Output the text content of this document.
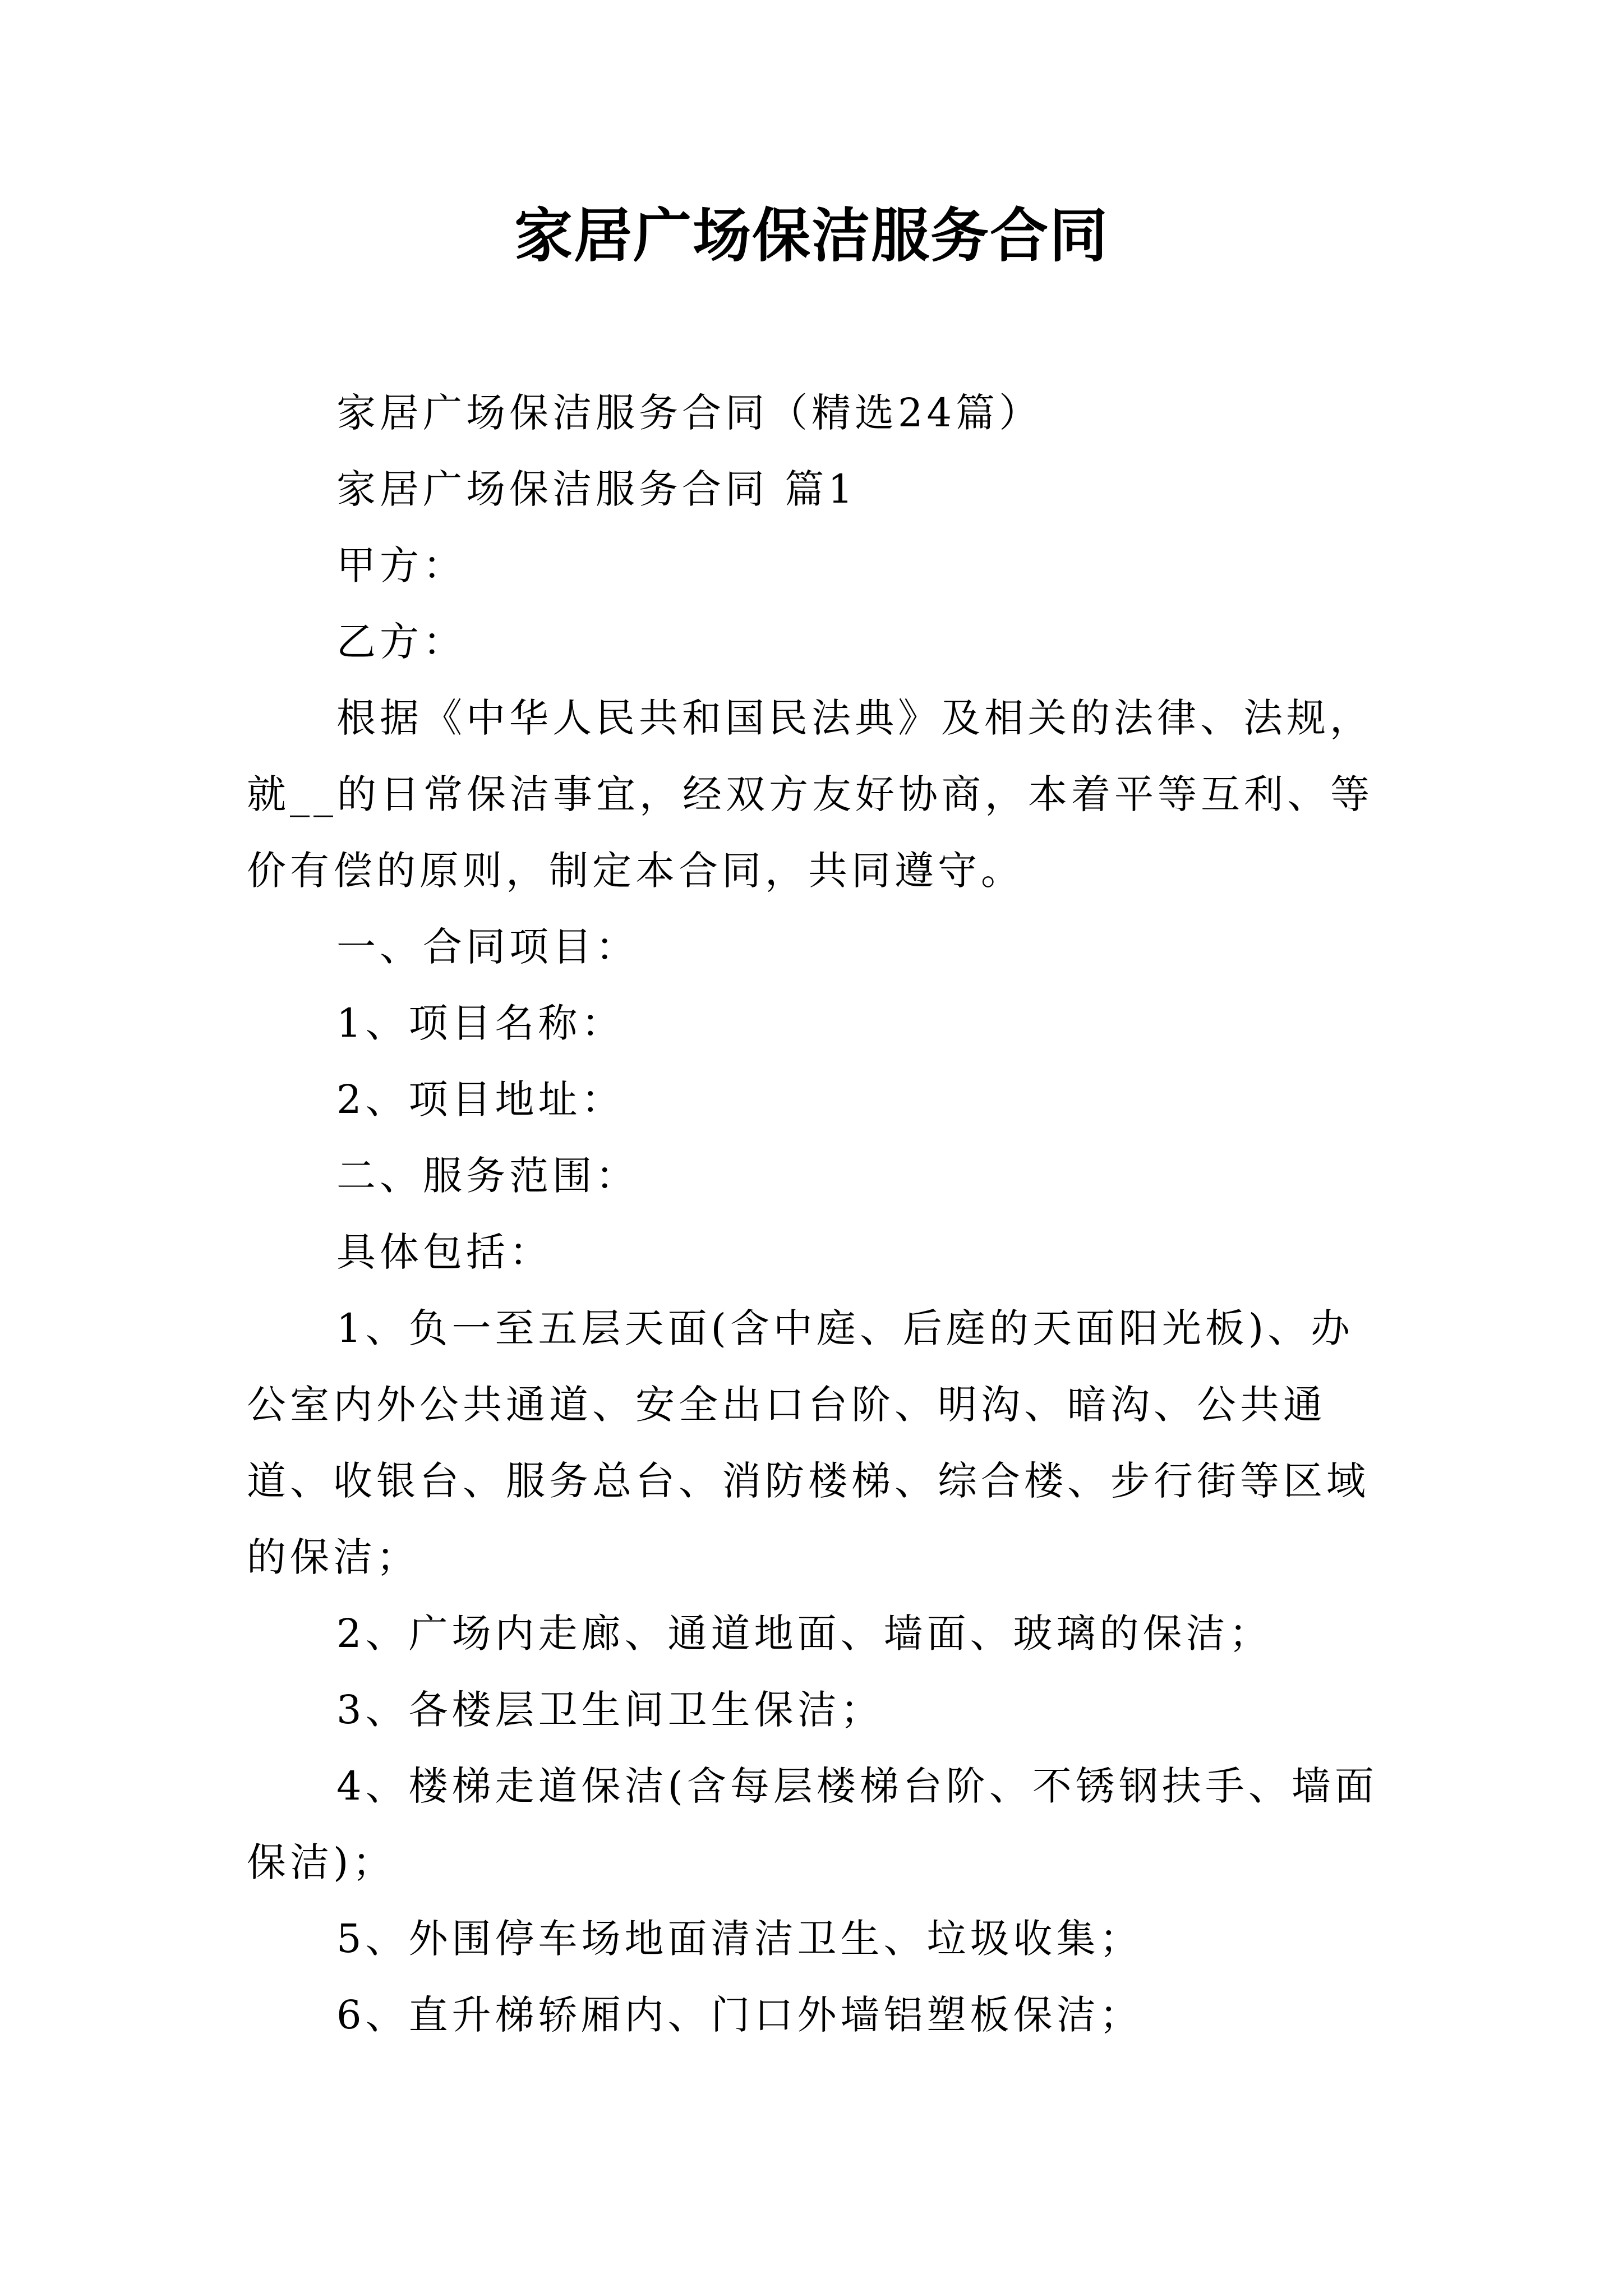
家居广场保洁服务合同

家居广场保洁服务合同（精选24篇）

家居广场保洁服务合同 篇1

甲方：

乙方：

根据《中华人民共和国民法典》及相关的法律、法规，就__的日常保洁事宜，经双方友好协商，本着平等互利、等价有偿的原则，制定本合同，共同遵守。

一、合同项目：

1、项目名称：

2、项目地址：

二、服务范围：

具体包括：

1、负一至五层天面(含中庭、后庭的天面阳光板)、办公室内外公共通道、安全出口台阶、明沟、暗沟、公共通道、收银台、服务总台、消防楼梯、综合楼、步行街等区域的保洁；

2、广场内走廊、通道地面、墙面、玻璃的保洁；

3、各楼层卫生间卫生保洁；

4、楼梯走道保洁(含每层楼梯台阶、不锈钢扶手、墙面保洁)；

5、外围停车场地面清洁卫生、垃圾收集；

6、直升梯轿厢内、门口外墙铝塑板保洁；
